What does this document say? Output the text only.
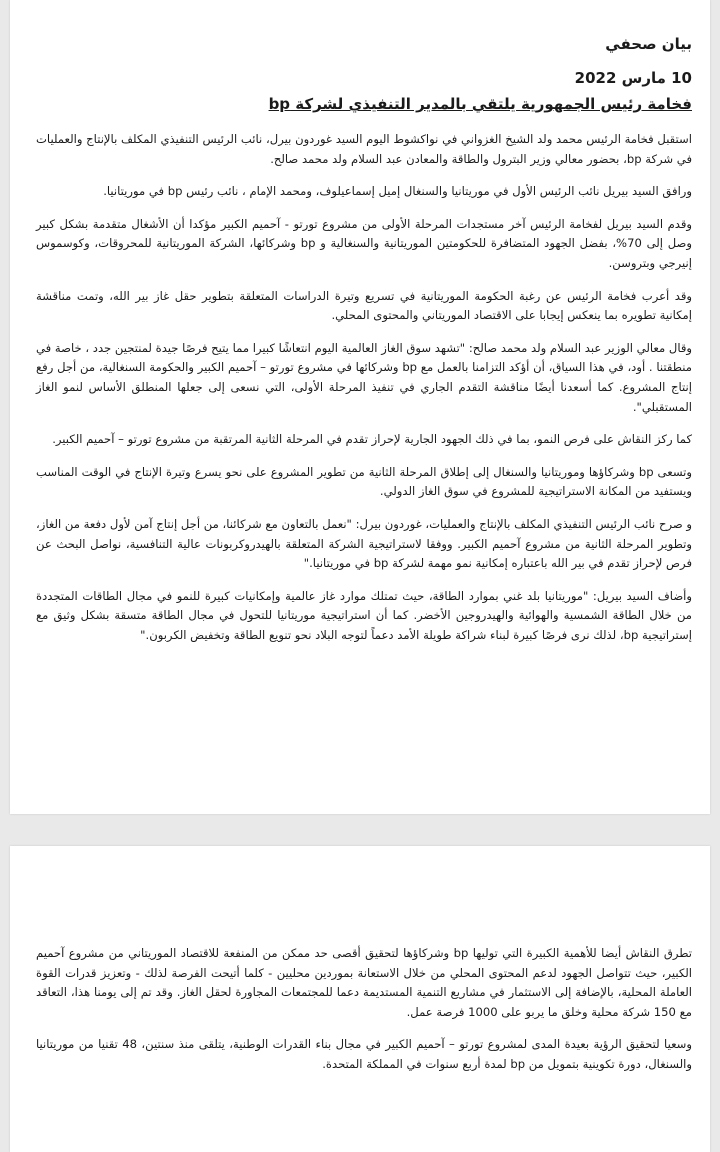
بيان صحفي
10 مارس 2022
فخامة رئيس الجمهورية يلتقي بالمدير التنفيذي لشركة bp

استقبل فخامة الرئيس محمد ولد الشيخ الغزواني في نواكشوط اليوم السيد غوردون بيرل، نائب الرئيس التنفيذي المكلف بالإنتاج والعمليات في شركة bp، بحضور معالي وزير البترول والطاقة والمعادن عبد السلام ولد محمد صالح.

ورافق السيد بيريل نائب الرئيس الأول في موريتانيا والسنغال إميل إسماعيلوف، ومحمد الإمام ، نائب رئيس bp في موريتانيا.

وقدم السيد بيريل لفخامة الرئيس آخر مستجدات المرحلة الأولى من مشروع تورتو - آحميم الكبير مؤكدا أن الأشغال متقدمة بشكل كبير وصل إلى 70%، بفضل الجهود المتضافرة للحكومتين الموريتانية والسنغالية و bp وشركائها، الشركة الموريتانية للمحروقات، وكوسموس إنيرجي وبتروسن.

وقد أعرب فخامة الرئيس عن رغبة الحكومة الموريتانية في تسريع وتيرة الدراسات المتعلقة بتطوير حقل غاز بير الله، وتمت مناقشة إمكانية تطويره بما ينعكس إيجابا على الاقتصاد الموريتاني والمحتوى المحلي.

وقال معالي الوزير عبد السلام ولد محمد صالح: "تشهد سوق الغاز العالمية اليوم انتعاشًا كبيرا مما يتيح فرصًا جيدة لمنتجين جدد ، خاصة في منطقتنا . أود، في هذا السياق، أن أؤكد التزامنا بالعمل مع bp وشركائها في مشروع تورتو – آحميم الكبير والحكومة السنغالية، من أجل رفع إنتاج المشروع. كما أسعدنا أيضًا مناقشة التقدم الجاري في تنفيذ المرحلة الأولى، التي نسعى إلى جعلها المنطلق الأساس لنمو الغاز المستقبلي".

كما ركز النقاش على فرص النمو، بما في ذلك الجهود الجارية لإحراز تقدم في المرحلة الثانية المرتقبة من مشروع تورتو – آحميم الكبير.

وتسعى bp وشركاؤها وموريتانيا والسنغال إلى إطلاق المرحلة الثانية من تطوير المشروع على نحو يسرع وتيرة الإنتاج في الوقت المناسب ويستفيد من المكانة الاستراتيجية للمشروع في سوق الغاز الدولي.

و صرح نائب الرئيس التنفيذي المكلف بالإنتاج والعمليات، غوردون بيرل: "نعمل بالتعاون مع شركائنا، من أجل إنتاج آمن لأول دفعة من الغاز، وتطوير المرحلة الثانية من مشروع آحميم الكبير. ووفقا لاستراتيجية الشركة المتعلقة بالهيدروكربونات عالية التنافسية، نواصل البحث عن فرص لإحراز تقدم في بير الله باعتباره إمكانية نمو مهمة لشركة bp في موريتانيا."

وأضاف السيد بيريل: "موريتانيا بلد غني بموارد الطاقة، حيث تمتلك موارد غاز عالمية وإمكانيات كبيرة للنمو في مجال الطاقات المتجددة من خلال الطاقة الشمسية والهوائية والهيدروجين الأخضر. كما أن استراتيجية موريتانيا للتحول في مجال الطاقة متسقة بشكل وثيق مع إستراتيجية bp، لذلك نرى فرصًا كبيرة لبناء شراكة طويلة الأمد دعماً لتوجه البلاد نحو تنويع الطاقة وتخفيض الكربون."

تطرق النقاش أيضا للأهمية الكبيرة التي توليها bp وشركاؤها لتحقيق أقصى حد ممكن من المنفعة للاقتصاد الموريتاني من مشروع آحميم الكبير، حيث تتواصل الجهود لدعم المحتوى المحلي من خلال الاستعانة بموردين محليين - كلما أتيحت الفرصة لذلك - وتعزيز قدرات القوة العاملة المحلية، بالإضافة إلى الاستثمار في مشاريع التنمية المستديمة دعما للمجتمعات المجاورة لحقل الغاز. وقد تم إلى يومنا هذا، التعاقد مع 150 شركة محلية وخلق ما يربو على 1000 فرصة عمل.

وسعيا لتحقيق الرؤية بعيدة المدى لمشروع تورتو – آحميم الكبير في مجال بناء القدرات الوطنية، يتلقى منذ سنتين، 48 تقنيا من موريتانيا والسنغال، دورة تكوينية بتمويل من bp لمدة أربع سنوات في المملكة المتحدة.
